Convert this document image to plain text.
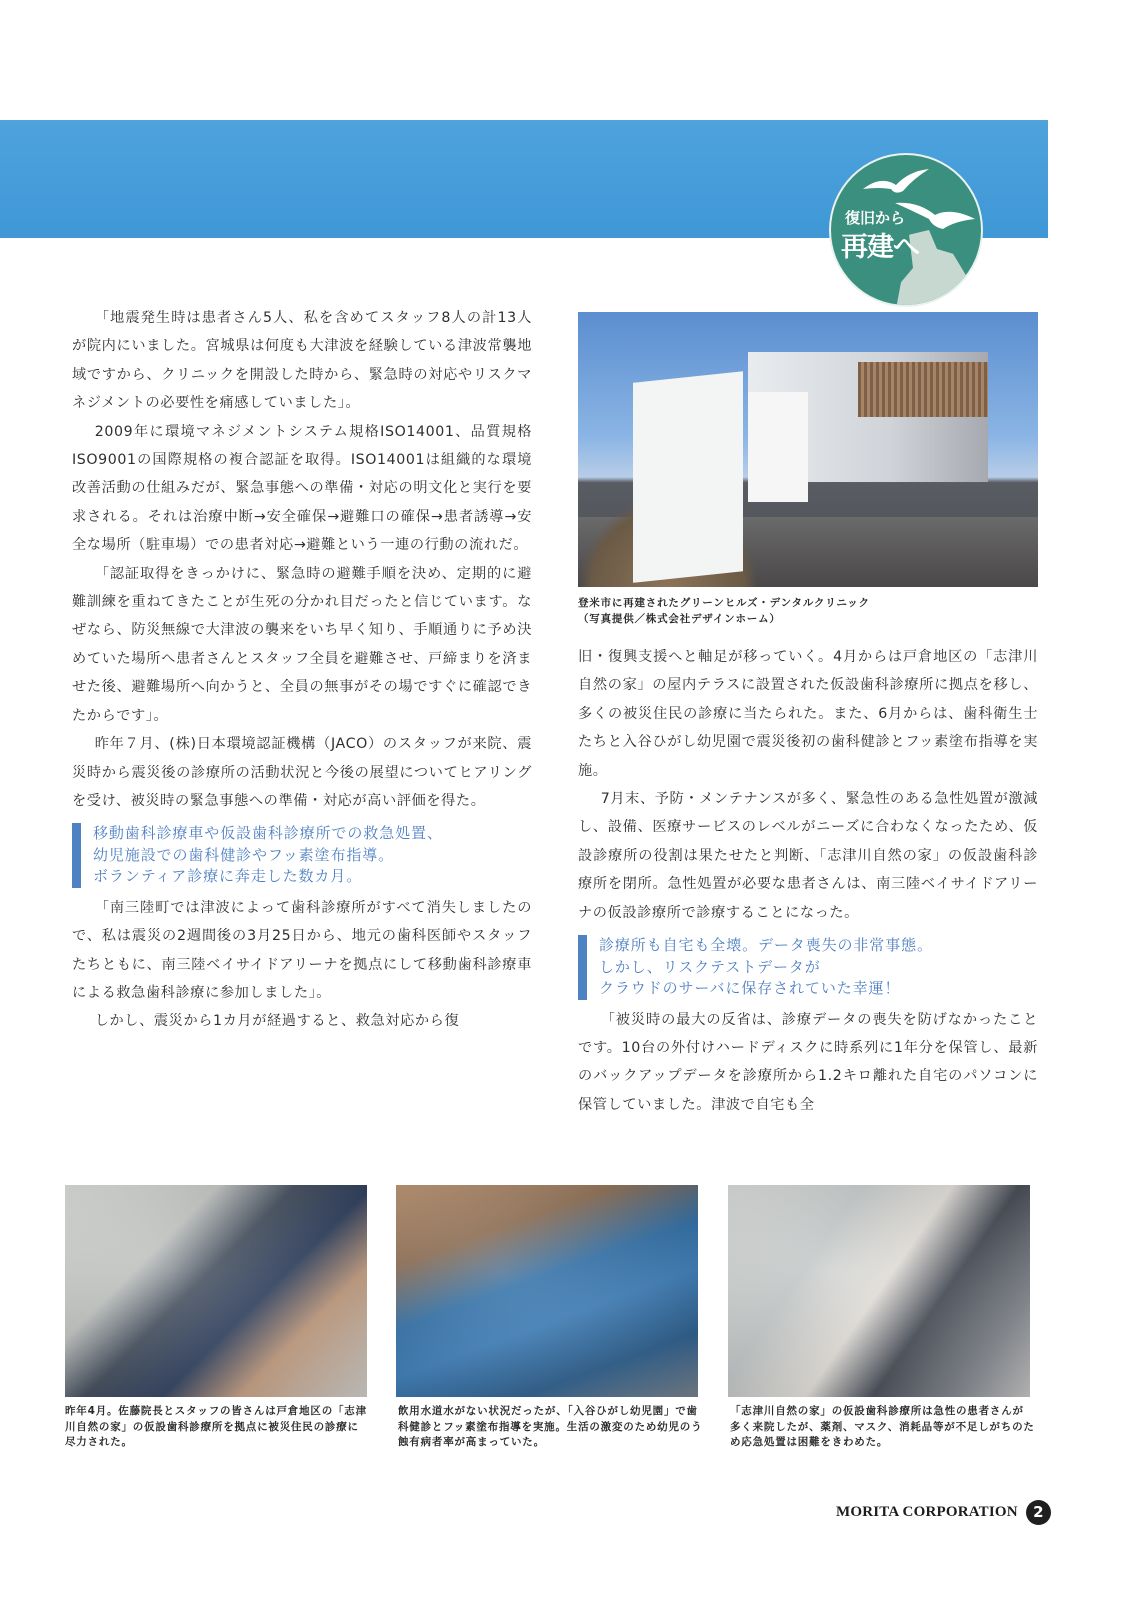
復旧から
再建へ

「地震発生時は患者さん5人、私を含めてスタッフ8人の計13人が院内にいました。宮城県は何度も大津波を経験している津波常襲地域ですから、クリニックを開設した時から、緊急時の対応やリスクマネジメントの必要性を痛感していました」。

2009年に環境マネジメントシステム規格ISO14001、品質規格ISO9001の国際規格の複合認証を取得。ISO14001は組織的な環境改善活動の仕組みだが、緊急事態への準備・対応の明文化と実行を要求される。それは治療中断→安全確保→避難口の確保→患者誘導→安全な場所（駐車場）での患者対応→避難という一連の行動の流れだ。

「認証取得をきっかけに、緊急時の避難手順を決め、定期的に避難訓練を重ねてきたことが生死の分かれ目だったと信じています。なぜなら、防災無線で大津波の襲来をいち早く知り、手順通りに予め決めていた場所へ患者さんとスタッフ全員を避難させ、戸締まりを済ませた後、避難場所へ向かうと、全員の無事がその場ですぐに確認できたからです」。

昨年７月、(株)日本環境認証機構（JACO）のスタッフが来院、震災時から震災後の診療所の活動状況と今後の展望についてヒアリングを受け、被災時の緊急事態への準備・対応が高い評価を得た。

移動歯科診療車や仮設歯科診療所での救急処置、
幼児施設での歯科健診やフッ素塗布指導。
ボランティア診療に奔走した数カ月。

「南三陸町では津波によって歯科診療所がすべて消失しましたので、私は震災の2週間後の3月25日から、地元の歯科医師やスタッフたちともに、南三陸ベイサイドアリーナを拠点にして移動歯科診療車による救急歯科診療に参加しました」。

しかし、震災から1カ月が経過すると、救急対応から復

登米市に再建されたグリーンヒルズ・デンタルクリニック
（写真提供／株式会社デザインホーム）

旧・復興支援へと軸足が移っていく。4月からは戸倉地区の「志津川自然の家」の屋内テラスに設置された仮設歯科診療所に拠点を移し、多くの被災住民の診療に当たられた。また、6月からは、歯科衛生士たちと入谷ひがし幼児園で震災後初の歯科健診とフッ素塗布指導を実施。

7月末、予防・メンテナンスが多く、緊急性のある急性処置が激減し、設備、医療サービスのレベルがニーズに合わなくなったため、仮設診療所の役割は果たせたと判断、「志津川自然の家」の仮設歯科診療所を閉所。急性処置が必要な患者さんは、南三陸ベイサイドアリーナの仮設診療所で診療することになった。

診療所も自宅も全壊。データ喪失の非常事態。
しかし、リスクテストデータが
クラウドのサーバに保存されていた幸運！

「被災時の最大の反省は、診療データの喪失を防げなかったことです。10台の外付けハードディスクに時系列に1年分を保管し、最新のバックアップデータを診療所から1.2キロ離れた自宅のパソコンに保管していました。津波で自宅も全

昨年4月。佐藤院長とスタッフの皆さんは戸倉地区の「志津川自然の家」の仮設歯科診療所を拠点に被災住民の診療に尽力された。
飲用水道水がない状況だったが、「入谷ひがし幼児園」で歯科健診とフッ素塗布指導を実施。生活の激変のため幼児のう蝕有病者率が高まっていた。
「志津川自然の家」の仮設歯科診療所は急性の患者さんが多く来院したが、薬剤、マスク、消耗品等が不足しがちのため応急処置は困難をきわめた。
MORITA CORPORATION	2
